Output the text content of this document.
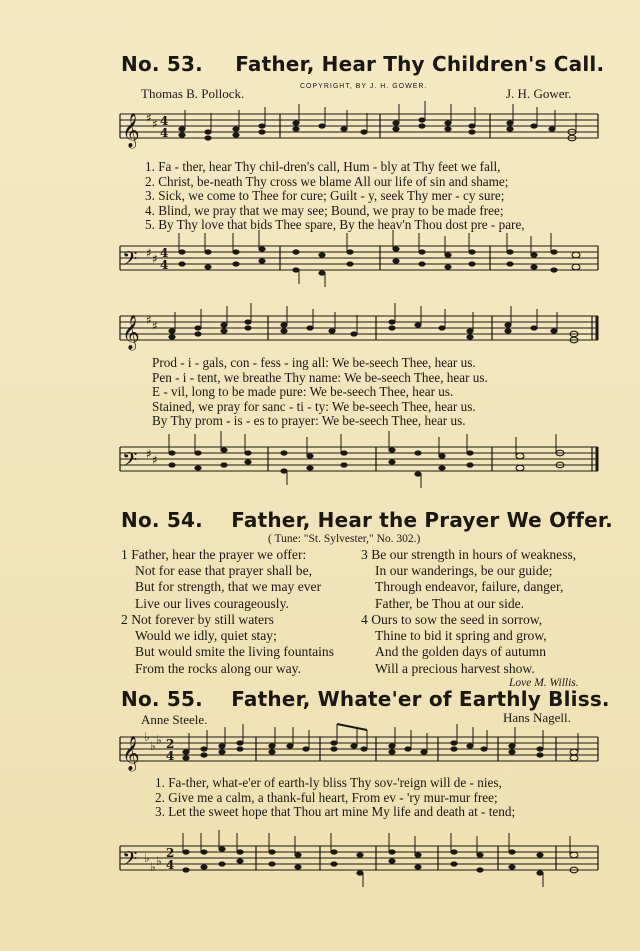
No. 53. Father, Hear Thy Children's Call.
COPYRIGHT, BY J. H. GOWER.
Thomas B. Pollock.	J. H. Gower.
𝄞 ♯ ♯ 4
4
1. Fa - ther, hear Thy chil-dren's call, Hum - bly at Thy feet we fall,
2. Christ, be-neath Thy cross we blame All our life of sin and shame;
3. Sick, we come to Thee for cure; Guilt - y, seek Thy mer - cy sure;
4. Blind, we pray that we may see; Bound, we pray to be made free;
5. By Thy love that bids Thee spare, By the heav'n Thou dost pre - pare,
𝄢 ♯ ♯ 4
4
𝄞 ♯ ♯
Prod - i - gals, con - fess - ing all: We be-seech Thee, hear us.
Pen - i - tent, we breathe Thy name: We be-seech Thee, hear us.
E - vil, long to be made pure: We be-seech Thee, hear us.
Stained, we pray for sanc - ti - ty: We be-seech Thee, hear us.
By Thy prom - is - es to prayer: We be-seech Thee, hear us.
𝄢 ♯ ♯
No. 54. Father, Hear the Prayer We Offer.
( Tune: "St. Sylvester," No. 302.)
1 Father, hear the prayer we offer:
Not for ease that prayer shall be,
But for strength, that we may ever
Live our lives courageously.
2 Not forever by still waters
Would we idly, quiet stay;
But would smite the living fountains
From the rocks along our way.
3 Be our strength in hours of weakness,
In our wanderings, be our guide;
Through endeavor, failure, danger,
Father, be Thou at our side.
4 Ours to sow the seed in sorrow,
Thine to bid it spring and grow,
And the golden days of autumn
Will a precious harvest show.
Love M. Willis.
No. 55. Father, Whate'er of Earthly Bliss.
Anne Steele.	Hans Nagell.
𝄞 ♭
♭ ♭ 2
4
1. Fa-ther, what-e'er of earth-ly bliss Thy sov-'reign will de - nies,
2. Give me a calm, a thank-ful heart, From ev - 'ry mur-mur free;
3. Let the sweet hope that Thou art mine My life and death at - tend;
𝄢 ♭
♭ ♭
2
4
